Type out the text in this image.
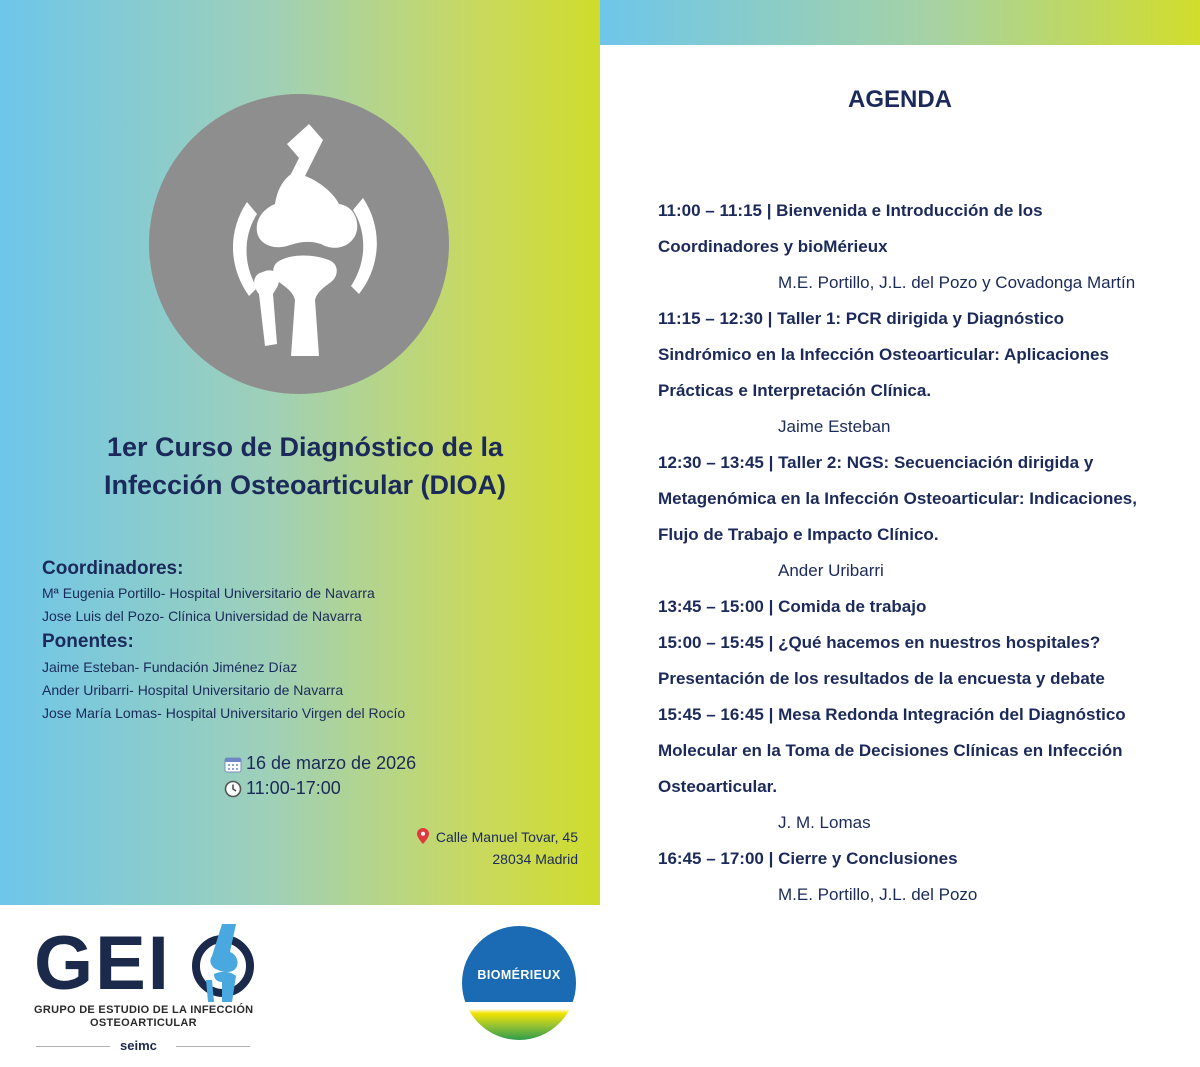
1er Curso de Diagnóstico de la
Infección Osteoarticular (DIOA)
Coordinadores:
Mª Eugenia Portillo- Hospital Universitario de Navarra
Jose Luis del Pozo- Clínica Universidad de Navarra
Ponentes:
Jaime Esteban- Fundación Jiménez Díaz
Ander Uribarri- Hospital Universitario de Navarra
Jose María Lomas- Hospital Universitario Virgen del Rocío
16 de marzo de 2026
11:00-17:00
Calle Manuel Tovar, 45
28034 Madrid
AGENDA
11:00 – 11:15 | Bienvenida e Introducción de los
Coordinadores y bioMérieux
M.E. Portillo, J.L. del Pozo y Covadonga Martín
11:15 – 12:30 | Taller 1: PCR dirigida y Diagnóstico
Sindrómico en la Infección Osteoarticular: Aplicaciones
Prácticas e Interpretación Clínica.
Jaime Esteban
12:30 – 13:45 | Taller 2: NGS: Secuenciación dirigida y
Metagenómica en la Infección Osteoarticular: Indicaciones,
Flujo de Trabajo e Impacto Clínico.
Ander Uribarri
13:45 – 15:00 | Comida de trabajo
15:00 – 15:45 | ¿Qué hacemos en nuestros hospitales?
Presentación de los resultados de la encuesta y debate
15:45 – 16:45 | Mesa Redonda Integración del Diagnóstico
Molecular en la Toma de Decisiones Clínicas en Infección
Osteoarticular.
J. M. Lomas
16:45 – 17:00 | Cierre y Conclusiones
M.E. Portillo, J.L. del Pozo
GEI
GRUPO DE ESTUDIO DE LA INFECCIÓN
OSTEOARTICULAR
seimc
BIOMÉRIEUX
